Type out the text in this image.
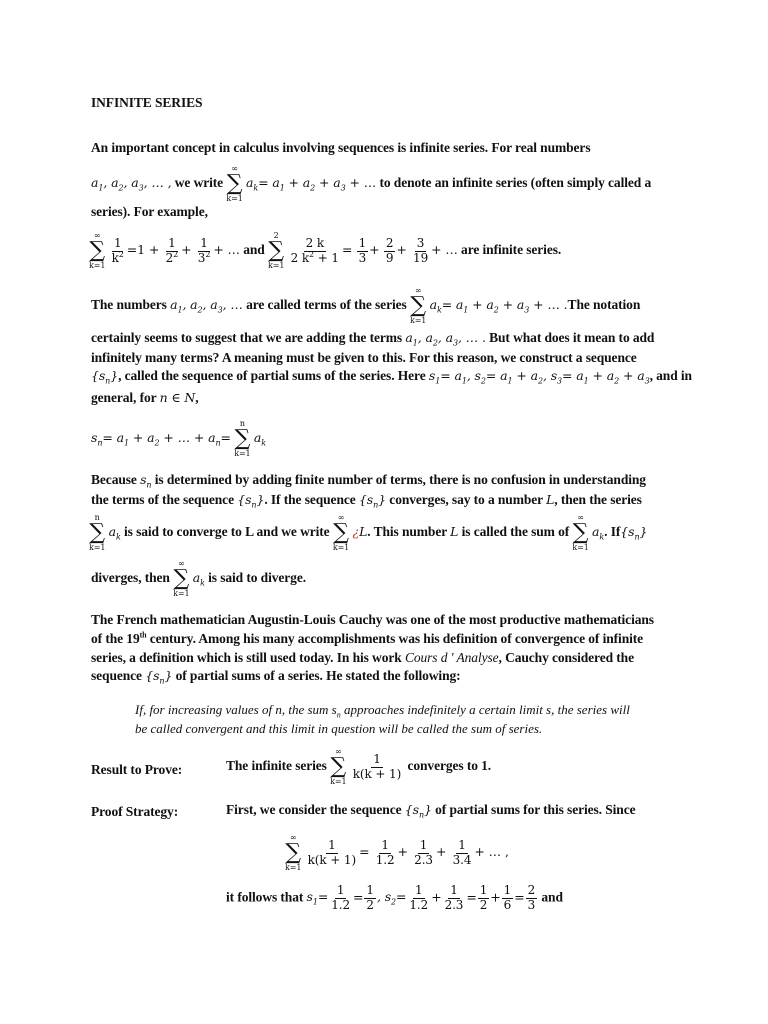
INFINITE SERIES
An important concept in calculus involving sequences is infinite series. For real numbers
$a_1$, $a_2$, $a_3$, … , we write
∞
∑
k=1
$a_k= a_1 + a_2 + a_3$ + … to denote an infinite series (often simply called a
series). For example,
∞
∑
k=1

$\frac{1}{k^2} =1 + \frac{1}{2^2} + \frac{1}{3^2}$ + … and
2
∑
k=1

$\frac{2 k}{2 k^2 + 1} = \frac{1}{3} + \frac{2}{9} + \frac{3}{19}$ + … are infinite series.
The numbers $a_1$, $a_2$, $a_3$, … are called terms of the series
∞
∑
k=1
$a_k= a_1 + a_2 + a_3$ + … .The notation
certainly seems to suggest that we are adding the terms $a_1$, $a_2$, $a_3$, … . But what does it mean to add
infinitely many terms? A meaning must be given to this. For this reason, we construct a sequence
$\{s_n\}$, called the sequence of partial sums of the series. Here $s_1= a_1$, $s_2= a_1 + a_2$, $s_3= a_1 + a_2 + a_3$, and in
general, for n ∈ N,
$s_n= a_1 + a_2$ + … + $a_n=$
n
∑
k=1
$a_k$
Because $s_n$ is determined by adding finite number of terms, there is no confusion in understanding
the terms of the sequence $\{s_n\}$. If the sequence $\{s_n\}$ converges, say to a number L, then the series
n
∑
k=1
$a_k$ is said to converge to L and we write
∞
∑
k=1
¿L. This number L is called the sum of
∞
∑
k=1
$a_k$. $If\{s_n\}$
diverges, then
∞
∑
k=1
$a_k$ is said to diverge.
The French mathematician Augustin-Louis Cauchy was one of the most productive mathematicians
of the 19th century. Among his many accomplishments was his definition of convergence of infinite
series, a definition which is still used today. In his work Cours d ' Analyse, Cauchy considered the
sequence $\{s_n\}$ of partial sums of a series. He stated the following:
If, for increasing values of n, the sum $s_n$ approaches indefinitely a certain limit s, the series will
be called convergent and this limit in question will be called the sum of series.
Result to Prove:	The infinite series
∞
∑
k=1

$\frac{1}{k(k + 1)}$ converges to 1.
Proof Strategy:	First, we consider the sequence $\{s_n\}$ of partial sums for this series. Since
∞
∑
k=1

$\frac{1}{k(k + 1)} = \frac{1}{1.2} + \frac{1}{2.3} + \frac{1}{3.4}$ + … ,
it follows that $s_1= \frac{1}{1.2} = \frac{1}{2}$ , $s_2= \frac{1}{1.2} + \frac{1}{2.3} = \frac{1}{2} + \frac{1}{6} = \frac{2}{3}$ and
